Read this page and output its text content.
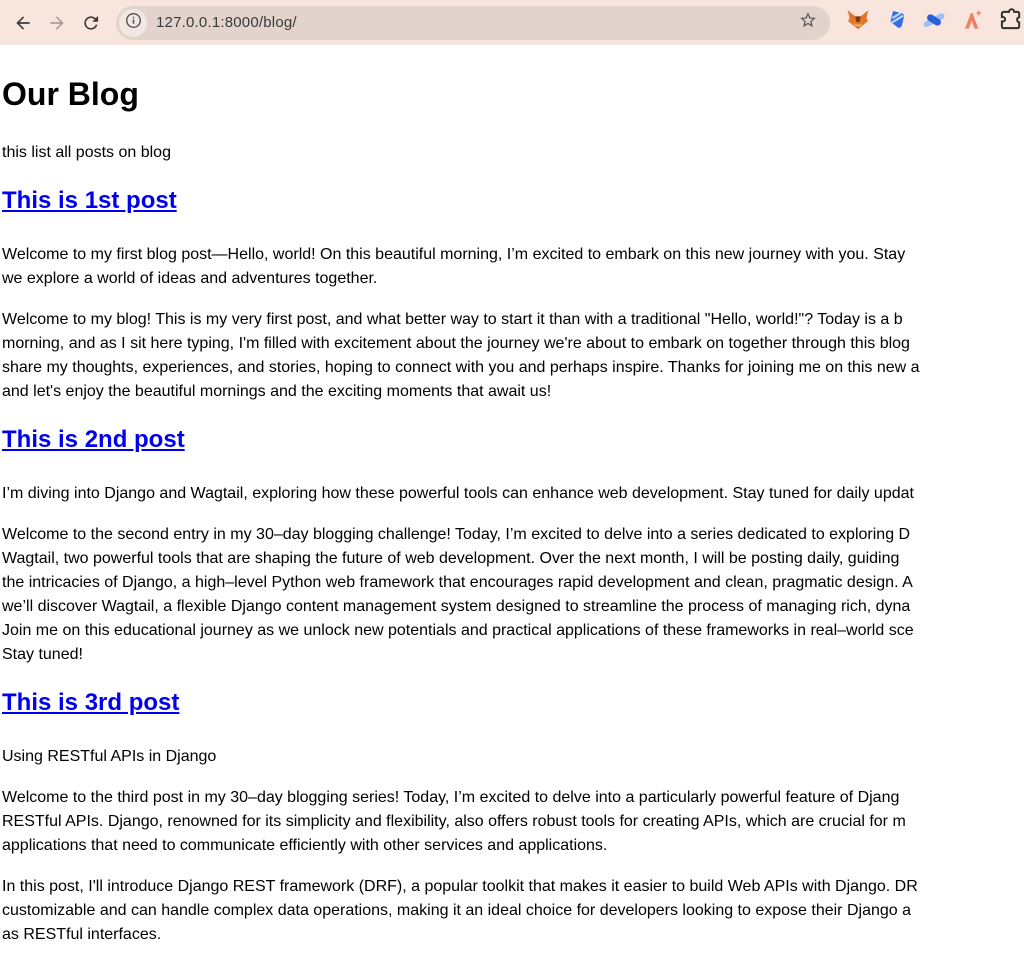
127.0.0.1:8000/blog/
Our Blog
this list all posts on blog
This is 1st post
Welcome to my first blog post—Hello, world! On this beautiful morning, I’m excited to embark on this new journey with you. Stay
we explore a world of ideas and adventures together.
Welcome to my blog! This is my very first post, and what better way to start it than with a traditional "Hello, world!"? Today is a b
morning, and as I sit here typing, I'm filled with excitement about the journey we're about to embark on together through this blog
share my thoughts, experiences, and stories, hoping to connect with you and perhaps inspire. Thanks for joining me on this new a
and let's enjoy the beautiful mornings and the exciting moments that await us!
This is 2nd post
I’m diving into Django and Wagtail, exploring how these powerful tools can enhance web development. Stay tuned for daily updat
Welcome to the second entry in my 30–day blogging challenge! Today, I’m excited to delve into a series dedicated to exploring D
Wagtail, two powerful tools that are shaping the future of web development. Over the next month, I will be posting daily, guiding
the intricacies of Django, a high–level Python web framework that encourages rapid development and clean, pragmatic design. A
we’ll discover Wagtail, a flexible Django content management system designed to streamline the process of managing rich, dyna
Join me on this educational journey as we unlock new potentials and practical applications of these frameworks in real–world sce
Stay tuned!
This is 3rd post
Using RESTful APIs in Django
Welcome to the third post in my 30–day blogging series! Today, I’m excited to delve into a particularly powerful feature of Djang
RESTful APIs. Django, renowned for its simplicity and flexibility, also offers robust tools for creating APIs, which are crucial for m
applications that need to communicate efficiently with other services and applications.
In this post, I'll introduce Django REST framework (DRF), a popular toolkit that makes it easier to build Web APIs with Django. DR
customizable and can handle complex data operations, making it an ideal choice for developers looking to expose their Django a
as RESTful interfaces.
